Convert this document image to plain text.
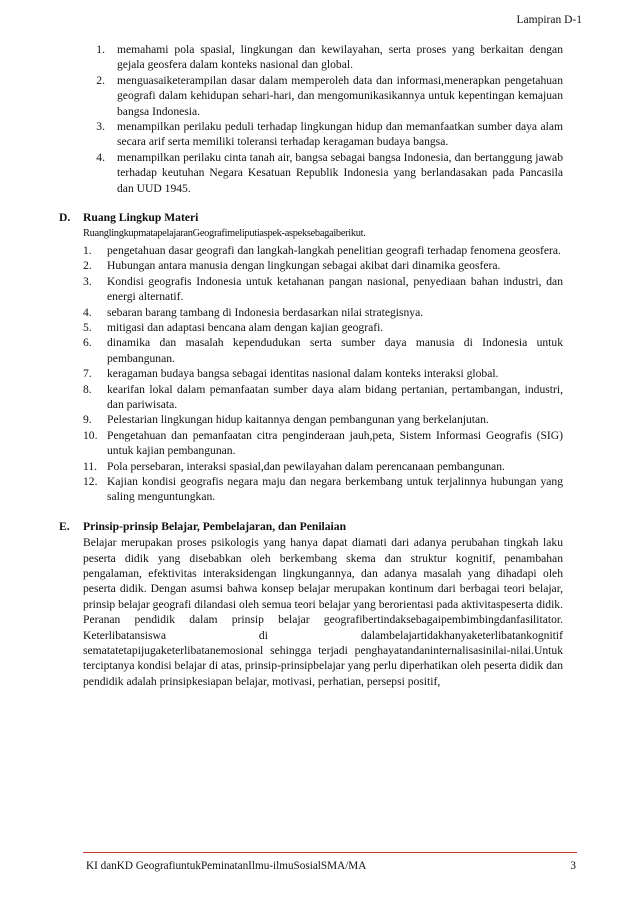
Lampiran D-1
1.	memahami pola spasial, lingkungan dan kewilayahan, serta proses yang berkaitan dengan gejala geosfera dalam konteks nasional dan global.
2.	menguasaiketerampilan dasar dalam memperoleh data dan informasi,menerapkan pengetahuan geografi dalam kehidupan sehari-hari, dan mengomunikasikannya untuk kepentingan kemajuan bangsa Indonesia.
3.	menampilkan perilaku peduli terhadap lingkungan hidup dan memanfaatkan sumber daya alam secara arif serta memiliki toleransi terhadap keragaman budaya bangsa.
4.	menampilkan perilaku cinta tanah air, bangsa sebagai bangsa Indonesia, dan bertanggung jawab terhadap keutuhan Negara Kesatuan Republik Indonesia yang berlandasakan pada Pancasila dan UUD 1945.
D. Ruang Lingkup Materi
RuanglingkupmatapelajaranGeografimeliputiaspek-aspeksebagaiberikut.
1.	pengetahuan dasar geografi dan langkah-langkah penelitian geografi terhadap fenomena geosfera.
2.	Hubungan antara manusia dengan lingkungan sebagai akibat dari dinamika geosfera.
3.	Kondisi geografis Indonesia untuk ketahanan pangan nasional, penyediaan bahan industri, dan energi alternatif.
4.	sebaran barang tambang di Indonesia berdasarkan nilai strategisnya.
5.	mitigasi dan adaptasi bencana alam dengan kajian geografi.
6.	dinamika dan masalah kependudukan serta sumber daya manusia di Indonesia untuk pembangunan.
7.	keragaman budaya bangsa sebagai identitas nasional dalam konteks interaksi global.
8.	kearifan lokal dalam pemanfaatan sumber daya alam bidang pertanian, pertambangan, industri, dan pariwisata.
9.	Pelestarian lingkungan hidup kaitannya dengan pembangunan yang berkelanjutan.
10. Pengetahuan dan pemanfaatan citra penginderaan jauh,peta, Sistem Informasi Geografis (SIG) untuk kajian pembangunan.
11. Pola persebaran, interaksi spasial,dan pewilayahan dalam perencanaan pembangunan.
12. Kajian kondisi geografis negara maju dan negara berkembang untuk terjalinnya hubungan yang saling menguntungkan.
E. Prinsip-prinsip Belajar, Pembelajaran, dan Penilaian
Belajar merupakan proses psikologis yang hanya dapat diamati dari adanya perubahan tingkah laku peserta didik yang disebabkan oleh berkembang skema dan struktur kognitif, penambahan pengalaman, efektivitas interaksidengan lingkungannya, dan adanya masalah yang dihadapi oleh peserta didik. Dengan asumsi bahwa konsep belajar merupakan kontinum dari berbagai teori belajar, prinsip belajar geografi dilandasi oleh semua teori belajar yang berorientasi pada aktivitaspeserta didik. Peranan pendidik dalam prinsip belajar geografibertindaksebagaipembimbingdanfasilitator. Keterlibatansiswa di dalambelajartidakhanyaketerlibatankognitif sematatetapijugaketerlibatanemosional sehingga terjadi penghayatandaninternalisasinilai-nilai.Untuk terciptanya kondisi belajar di atas, prinsip-prinsipbelajar yang perlu diperhatikan oleh peserta didik dan pendidik adalah prinsipkesiapan belajar, motivasi, perhatian, persepsi positif,
KI danKD GeografiuntukPeminatanIlmu-ilmuSosialSMA/MA	3
